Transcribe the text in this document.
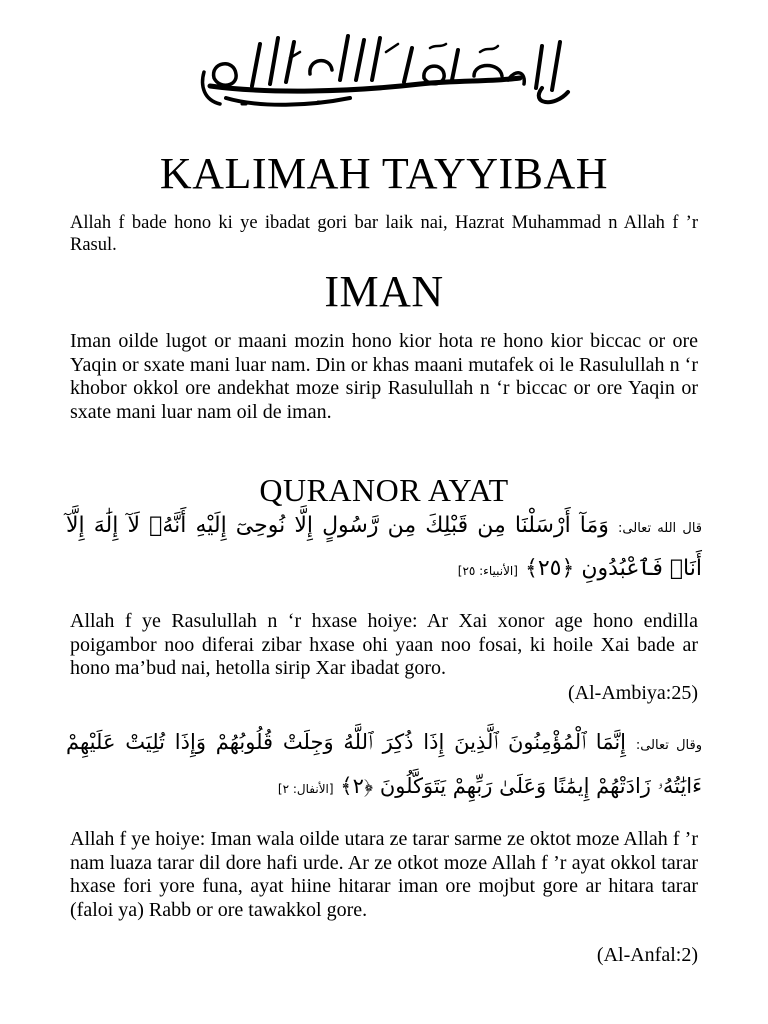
KALIMAH TAYYIBAH

Allah f bade hono ki ye ibadat gori bar laik nai, Hazrat Muhammad n Allah f ’r Rasul.

IMAN

Iman oilde lugot or maani mozin hono kior hota re hono kior biccac or ore Yaqin or sxate mani luar nam. Din or khas maani mutafek oi le Rasulullah n ‘r khobor okkol ore andekhat moze sirip Rasulullah n ‘r biccac or ore Yaqin or sxate mani luar nam oil de iman.

QURANOR AYAT

قال الله تعالى: وَمَآ أَرْسَلْنَا مِن قَبْلِكَ مِن رَّسُولٍ إِلَّا نُوحِىٓ إِلَيْهِ أَنَّهُۥ لَآ إِلَٰهَ إِلَّآ أَنَا۠ فَٱعْبُدُونِ ﴿٢٥﴾ [الأنبياء: ٢٥]

Allah f ye Rasulullah n ‘r hxase hoiye: Ar Xai xonor age hono endilla poigambor noo diferai zibar hxase ohi yaan noo fosai, ki hoile Xai bade ar hono ma’bud nai, hetolla sirip Xar ibadat goro.

(Al-Ambiya:25)

وقال تعالى: إِنَّمَا ٱلْمُؤْمِنُونَ ٱلَّذِينَ إِذَا ذُكِرَ ٱللَّهُ وَجِلَتْ قُلُوبُهُمْ وَإِذَا تُلِيَتْ عَلَيْهِمْ ءَايَٰتُهُۥ زَادَتْهُمْ إِيمَٰنًا وَعَلَىٰ رَبِّهِمْ يَتَوَكَّلُونَ ﴿٢﴾ [الأنفال: ٢]

Allah f ye hoiye: Iman wala oilde utara ze tarar sarme ze oktot moze Allah f ’r nam luaza tarar dil dore hafi urde. Ar ze otkot moze Allah f ’r ayat okkol tarar hxase fori yore funa, ayat hiine hitarar iman ore mojbut gore ar hitara tarar (faloi ya) Rabb or ore tawakkol gore.

(Al-Anfal:2)
